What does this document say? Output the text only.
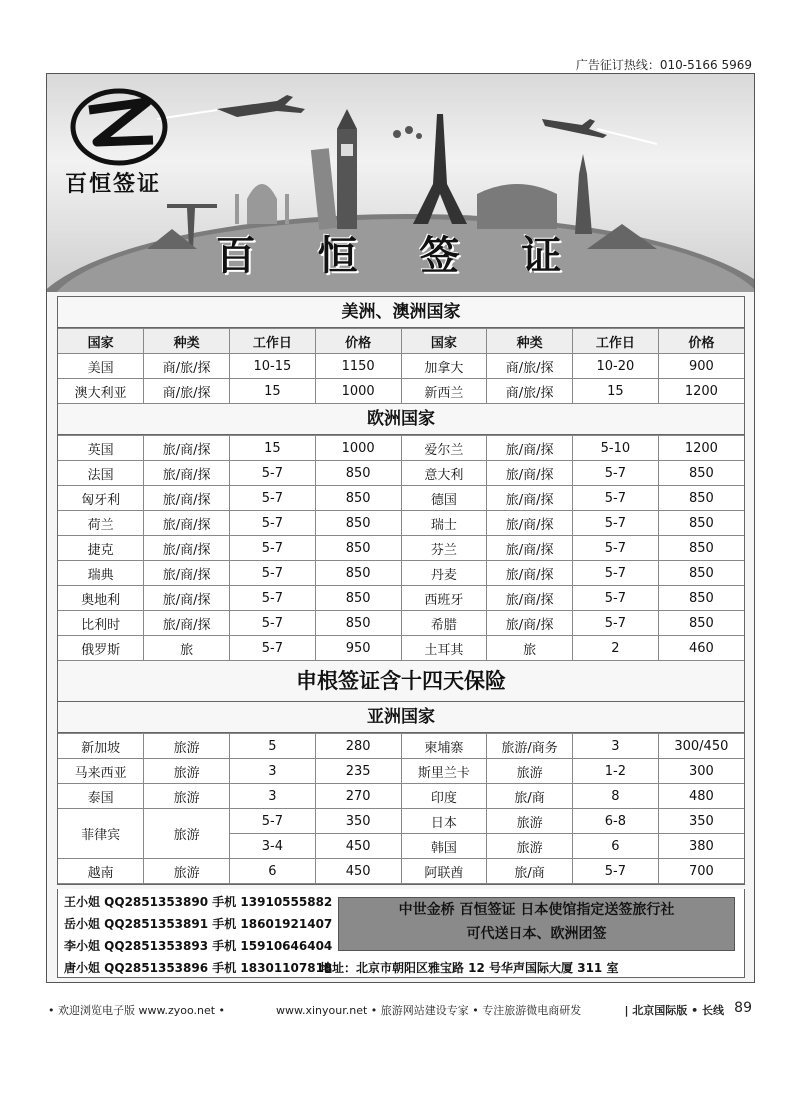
广告征订热线：010-5166 5969
百恒签证
百 恒 签 证
美洲、澳洲国家
国家	种类	工作日	价格	国家	种类	工作日	价格
美国	商/旅/探	10-15	1150	加拿大	商/旅/探	10-20	900
澳大利亚	商/旅/探	15	1000	新西兰	商/旅/探	15	1200
欧洲国家
英国	旅/商/探	15	1000	爱尔兰	旅/商/探	5-10	1200
法国	旅/商/探	5-7	850	意大利	旅/商/探	5-7	850
匈牙利	旅/商/探	5-7	850	德国	旅/商/探	5-7	850
荷兰	旅/商/探	5-7	850	瑞士	旅/商/探	5-7	850
捷克	旅/商/探	5-7	850	芬兰	旅/商/探	5-7	850
瑞典	旅/商/探	5-7	850	丹麦	旅/商/探	5-7	850
奥地利	旅/商/探	5-7	850	西班牙	旅/商/探	5-7	850
比利时	旅/商/探	5-7	850	希腊	旅/商/探	5-7	850
俄罗斯	旅	5-7	950	土耳其	旅	2	460
申根签证含十四天保险
亚洲国家
新加坡	旅游	5	280	柬埔寨	旅游/商务	3	300/450
马来西亚	旅游	3	235	斯里兰卡	旅游	1-2	300
泰国	旅游	3	270	印度	旅/商	8	480
菲律宾	旅游	5-7	350	日本	旅游	6-8	350
		3-4	450	韩国	旅游	6	380
越南	旅游	6	450	阿联酋	旅/商	5-7	700
王小姐 QQ2851353890 手机 13910555882
岳小姐 QQ2851353891 手机 18601921407
李小姐 QQ2851353893 手机 15910646404
唐小姐 QQ2851353896 手机 18301107818
中世金桥 百恒签证 日本使馆指定送签旅行社
可代送日本、欧洲团签
地址：北京市朝阳区雅宝路 12 号华声国际大厦 311 室
• 欢迎浏览电子版 www.zyoo.net •	www.xinyour.net • 旅游网站建设专家 • 专注旅游微电商研发	| 北京国际版 • 长线 89
